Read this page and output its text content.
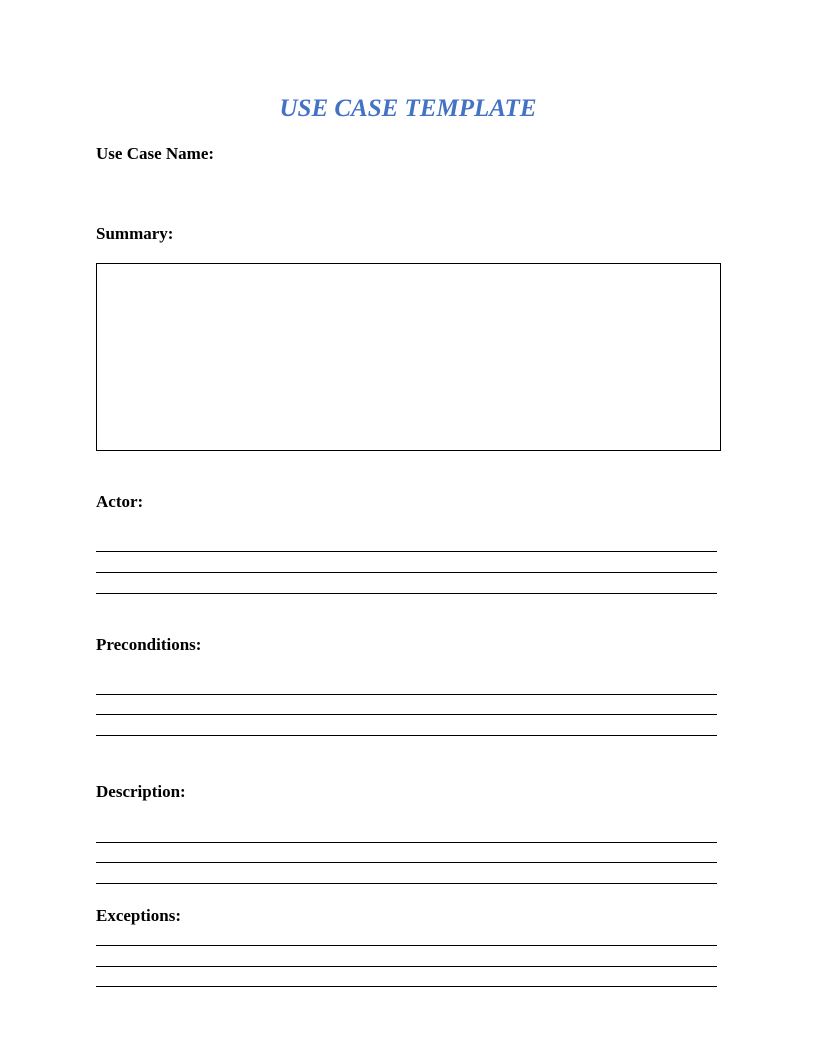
USE CASE TEMPLATE
Use Case Name:
Summary:
Actor:
Preconditions:
Description:
Exceptions:
